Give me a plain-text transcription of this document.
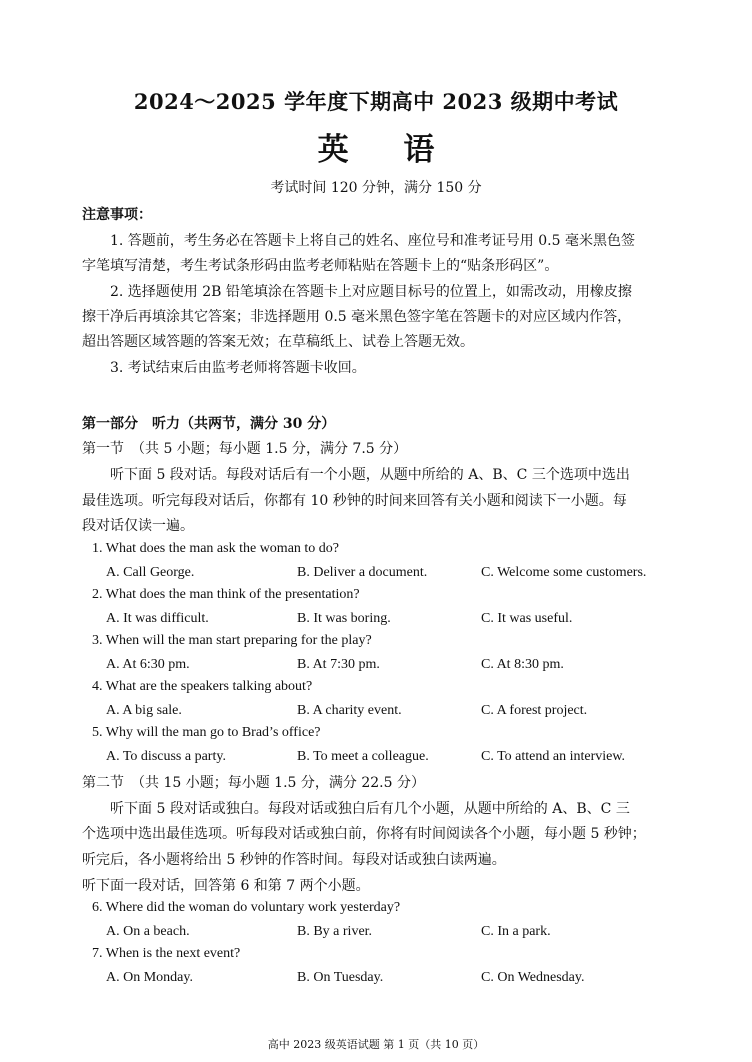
2024～2025 学年度下期高中 2023 级期中考试
英 语
考试时间 120 分钟，满分 150 分
注意事项：
1. 答题前，考生务必在答题卡上将自己的姓名、座位号和准考证号用 0.5 毫米黑色签
字笔填写清楚，考生考试条形码由监考老师粘贴在答题卡上的“贴条形码区”。
2. 选择题使用 2B 铅笔填涂在答题卡上对应题目标号的位置上，如需改动，用橡皮擦
擦干净后再填涂其它答案；非选择题用 0.5 毫米黑色签字笔在答题卡的对应区域内作答，
超出答题区域答题的答案无效；在草稿纸上、试卷上答题无效。
3. 考试结束后由监考老师将答题卡收回。
第一部分　听力（共两节，满分 30 分）
第一节　（共 5 小题；每小题 1.5 分，满分 7.5 分）
听下面 5 段对话。每段对话后有一个小题，从题中所给的 A、B、C 三个选项中选出
最佳选项。听完每段对话后，你都有 10 秒钟的时间来回答有关小题和阅读下一小题。每
段对话仅读一遍。
1. What does the man ask the woman to do?
A. Call George.	B. Deliver a document.	C. Welcome some customers.
2. What does the man think of the presentation?
A. It was difficult.	B. It was boring.	C. It was useful.
3. When will the man start preparing for the play?
A. At 6:30 pm.	B. At 7:30 pm.	C. At 8:30 pm.
4. What are the speakers talking about?
A. A big sale.	B. A charity event.	C. A forest project.
5. Why will the man go to Brad’s office?
A. To discuss a party.	B. To meet a colleague.	C. To attend an interview.
第二节　（共 15 小题；每小题 1.5 分，满分 22.5 分）
听下面 5 段对话或独白。每段对话或独白后有几个小题，从题中所给的 A、B、C 三
个选项中选出最佳选项。听每段对话或独白前，你将有时间阅读各个小题，每小题 5 秒钟；
听完后，各小题将给出 5 秒钟的作答时间。每段对话或独白读两遍。
听下面一段对话，回答第 6 和第 7 两个小题。
6. Where did the woman do voluntary work yesterday?
A. On a beach.	B. By a river.	C. In a park.
7. When is the next event?
A. On Monday.	B. On Tuesday.	C. On Wednesday.
高中 2023 级英语试题 第 1 页（共 10 页）
